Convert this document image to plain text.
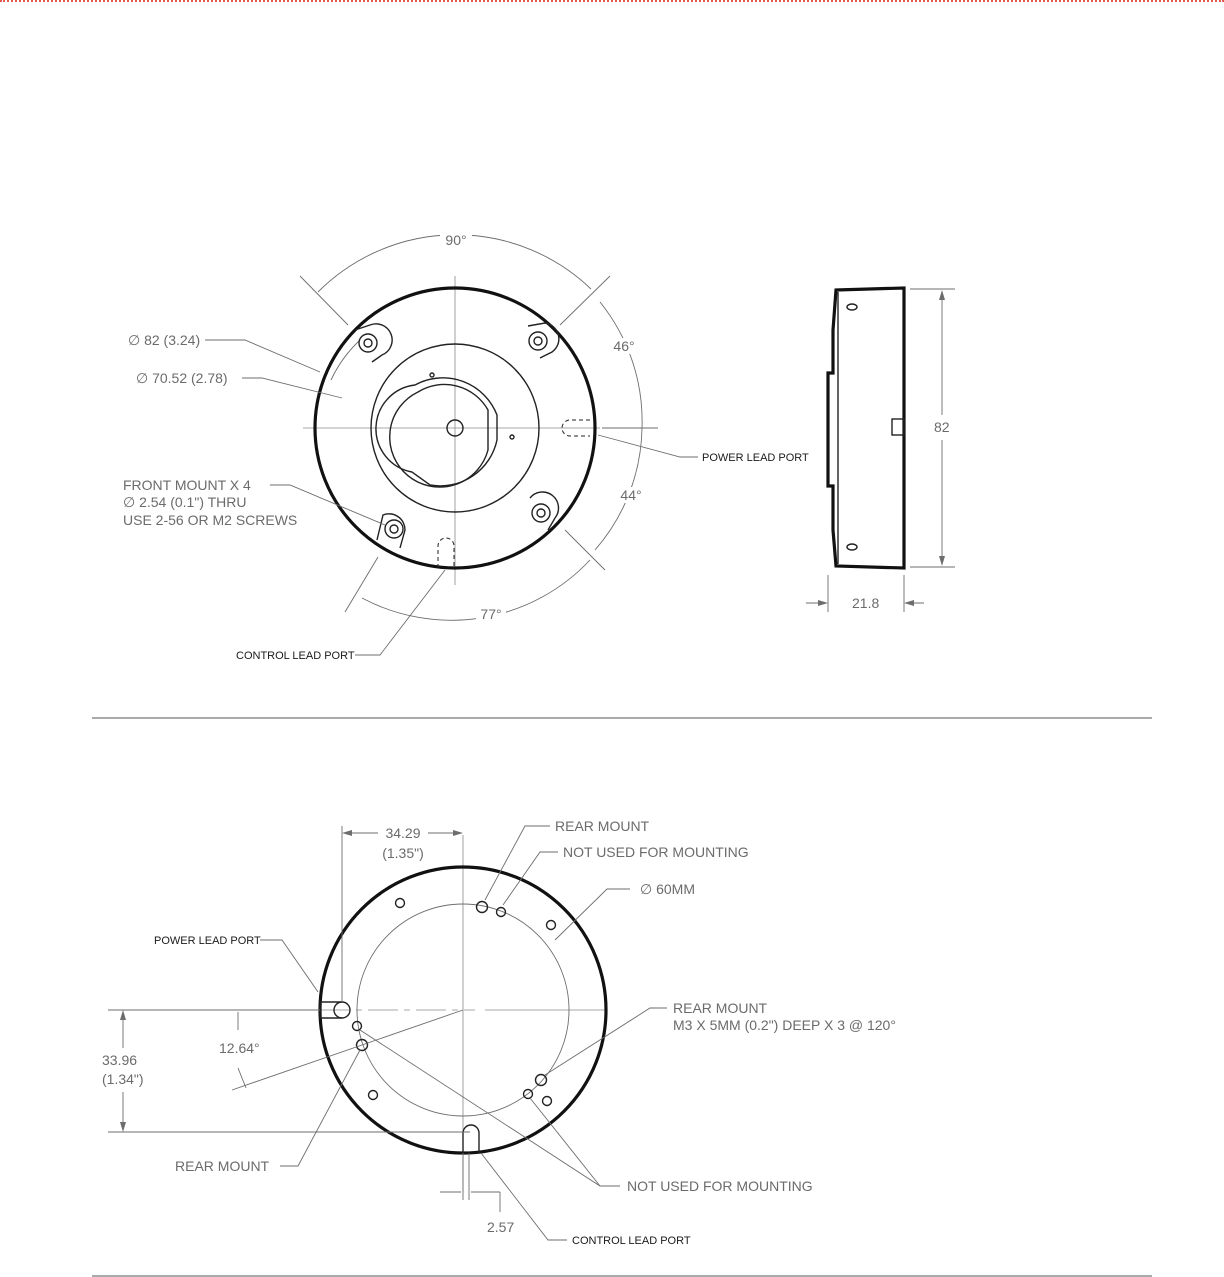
90°
46°
44°
77°
∅ 82 (3.24)
∅ 70.52 (2.78)
FRONT MOUNT X 4
∅ 2.54 (0.1") THRU
USE 2-56 OR M2 SCREWS
POWER LEAD PORT
CONTROL LEAD PORT
82
21.8
34.29
(1.35")
REAR MOUNT
NOT USED FOR MOUNTING
∅ 60MM
POWER LEAD PORT
REAR MOUNT
M3 X 5MM (0.2") DEEP X 3 @ 120°
12.64°
33.96
(1.34")
REAR MOUNT
NOT USED FOR MOUNTING
2.57
CONTROL LEAD PORT
